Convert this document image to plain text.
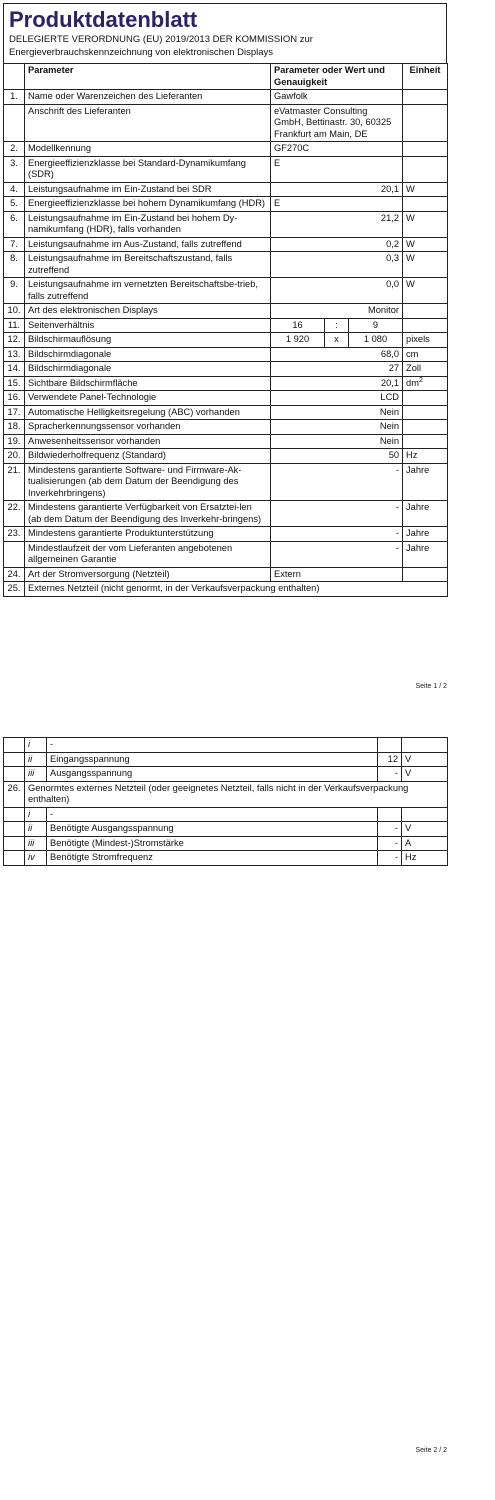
Produktdatenblatt
DELEGIERTE VERORDNUNG (EU) 2019/2013 DER KOMMISSION zur
Energieverbrauchskennzeichnung von elektronischen Displays
	Parameter	Parameter oder Wert und Genauigkeit			Einheit
1.	Name oder Warenzeichen des Lieferanten	Gawfolk			
	Anschrift des Lieferanten	eVatmaster Consulting GmbH, Bettinastr. 30, 60325 Frankfurt am Main, DE			
2.	Modellkennung	GF270C			
3.	Energieeffizienzklasse bei Standard-Dynamikumfang (SDR)	E			
4.	Leistungsaufnahme im Ein-Zustand bei SDR	20,1			W
5.	Energieeffizienzklasse bei hohem Dynamikumfang (HDR)	E			
6.	Leistungsaufnahme im Ein-Zustand bei hohem Dy-namikumfang (HDR), falls vorhanden	21,2			W
7.	Leistungsaufnahme im Aus-Zustand, falls zutreffend	0,2			W
8.	Leistungsaufnahme im Bereitschaftszustand, falls zutreffend	0,3			W
9.	Leistungsaufnahme im vernetzten Bereitschaftsbe-trieb, falls zutreffend	0,0			W
10.	Art des elektronischen Displays	Monitor			
11.	Seitenverhältnis	16	:	9	
12.	Bildschirmauflösung	1 920	x	1 080	pixels
13.	Bildschirmdiagonale	68,0			cm
14.	Bildschirmdiagonale	27			Zoll
15.	Sichtbare Bildschirmfläche	20,1			$dm^2$
16.	Verwendete Panel-Technologie	LCD			
17.	Automatische Helligkeitsregelung (ABC) vorhanden	Nein			
18.	Spracherkennungssensor vorhanden	Nein			
19.	Anwesenheitssensor vorhanden	Nein			
20.	Bildwiederholfrequenz (Standard)	50			Hz
21.	Mindestens garantierte Software- und Firmware-Ak-tualisierungen (ab dem Datum der Beendigung des Inverkehrbringens)	-			Jahre
22.	Mindestens garantierte Verfügbarkeit von Ersatztei-len (ab dem Datum der Beendigung des Inverkehr-bringens)	-			Jahre
23.	Mindestens garantierte Produktunterstützung	-			Jahre
	Mindestlaufzeit der vom Lieferanten angebotenen allgemeinen Garantie	-			Jahre
24.	Art der Stromversorgung (Netzteil)	Extern			
25.	Externes Netzteil (nicht genormt, in der Verkaufsverpackung enthalten)				
Seite 1 / 2
	i	-		
	ii	Eingangsspannung	12	V
	iii	Ausgangsspannung	-	V
26.	Genormtes externes Netzteil (oder geeignetes Netzteil, falls nicht in der Verkaufsverpackung enthalten)			
	i	-		
	ii	Benötigte Ausgangsspannung	-	V
	iii	Benötigte (Mindest-)Stromstärke	-	A
	iv	Benötigte Stromfrequenz	-	Hz
Seite 2 / 2
